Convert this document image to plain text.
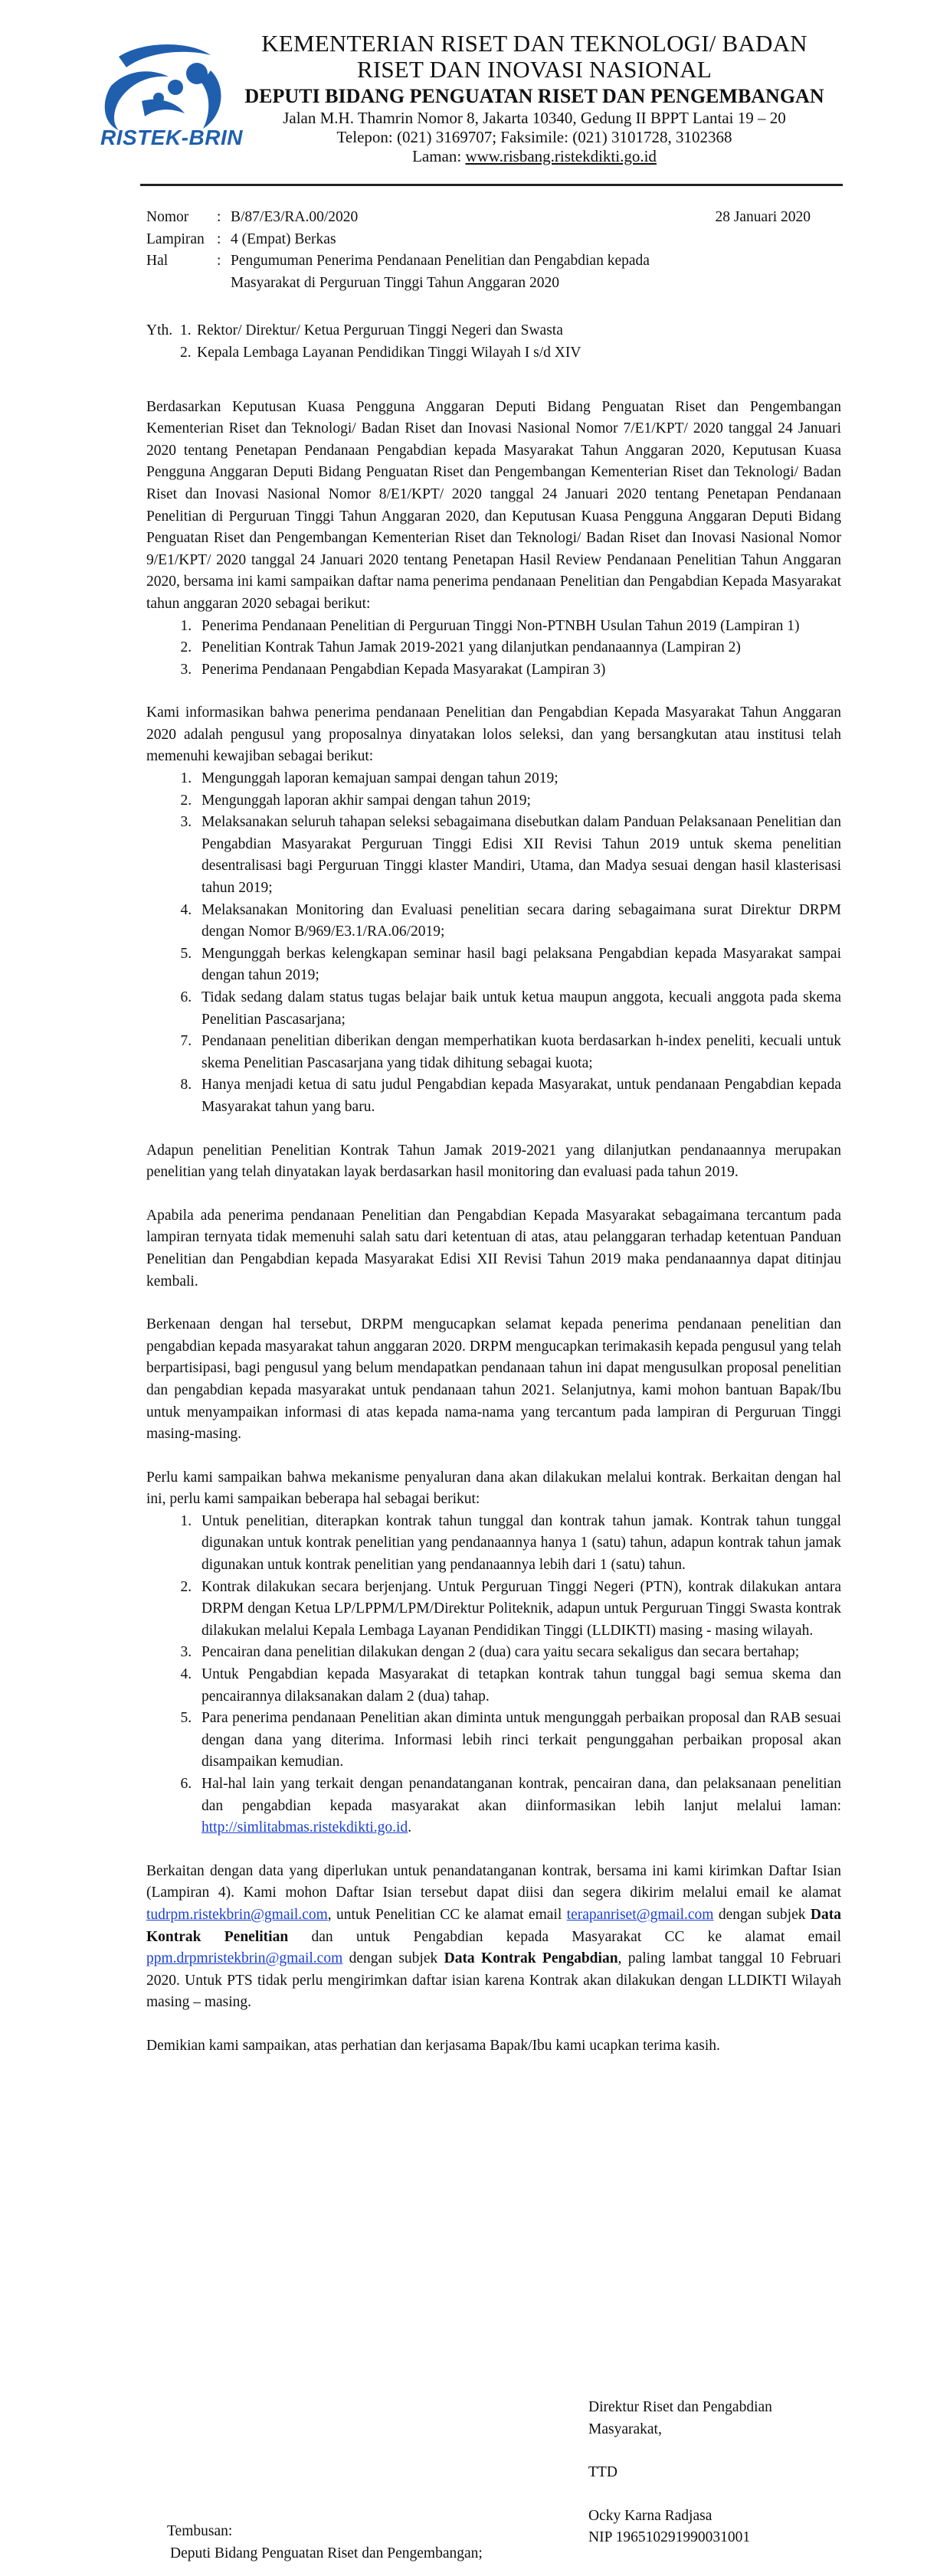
RISTEK-BRIN
KEMENTERIAN RISET DAN TEKNOLOGI/ BADAN RISET DAN INOVASI NASIONAL
DEPUTI BIDANG PENGUATAN RISET DAN PENGEMBANGAN
Jalan M.H. Thamrin Nomor 8, Jakarta 10340, Gedung II BPPT Lantai 19 – 20
Telepon: (021) 3169707; Faksimile: (021) 3101728, 3102368
Laman: www.risbang.ristekdikti.go.id
Nomor	: B/87/E3/RA.00/2020	28 Januari 2020
Lampiran : 4 (Empat) Berkas
Hal	: Pengumuman Penerima Pendanaan Penelitian dan Pengabdian kepada Masyarakat di Perguruan Tinggi Tahun Anggaran 2020
Yth. 1. Rektor/ Direktur/ Ketua Perguruan Tinggi Negeri dan Swasta
2. Kepala Lembaga Layanan Pendidikan Tinggi Wilayah I s/d XIV
Berdasarkan Keputusan Kuasa Pengguna Anggaran Deputi Bidang Penguatan Riset dan Pengembangan Kementerian Riset dan Teknologi/ Badan Riset dan Inovasi Nasional Nomor 7/E1/KPT/ 2020 tanggal 24 Januari 2020 tentang Penetapan Pendanaan Pengabdian kepada Masyarakat Tahun Anggaran 2020, Keputusan Kuasa Pengguna Anggaran Deputi Bidang Penguatan Riset dan Pengembangan Kementerian Riset dan Teknologi/ Badan Riset dan Inovasi Nasional Nomor 8/E1/KPT/ 2020 tanggal 24 Januari 2020 tentang Penetapan Pendanaan Penelitian di Perguruan Tinggi Tahun Anggaran 2020, dan Keputusan Kuasa Pengguna Anggaran Deputi Bidang Penguatan Riset dan Pengembangan Kementerian Riset dan Teknologi/ Badan Riset dan Inovasi Nasional Nomor 9/E1/KPT/ 2020 tanggal 24 Januari 2020 tentang Penetapan Hasil Review Pendanaan Penelitian Tahun Anggaran 2020, bersama ini kami sampaikan daftar nama penerima pendanaan Penelitian dan Pengabdian Kepada Masyarakat tahun anggaran 2020 sebagai berikut:
1. Penerima Pendanaan Penelitian di Perguruan Tinggi Non-PTNBH Usulan Tahun 2019 (Lampiran 1)
2. Penelitian Kontrak Tahun Jamak 2019-2021 yang dilanjutkan pendanaannya (Lampiran 2)
3. Penerima Pendanaan Pengabdian Kepada Masyarakat (Lampiran 3)
Kami informasikan bahwa penerima pendanaan Penelitian dan Pengabdian Kepada Masyarakat Tahun Anggaran 2020 adalah pengusul yang proposalnya dinyatakan lolos seleksi, dan yang bersangkutan atau institusi telah memenuhi kewajiban sebagai berikut:
1. Mengunggah laporan kemajuan sampai dengan tahun 2019;
2. Mengunggah laporan akhir sampai dengan tahun 2019;
3. Melaksanakan seluruh tahapan seleksi sebagaimana disebutkan dalam Panduan Pelaksanaan Penelitian dan Pengabdian Masyarakat Perguruan Tinggi Edisi XII Revisi Tahun 2019 untuk skema penelitian desentralisasi bagi Perguruan Tinggi klaster Mandiri, Utama, dan Madya sesuai dengan hasil klasterisasi tahun 2019;
4. Melaksanakan Monitoring dan Evaluasi penelitian secara daring sebagaimana surat Direktur DRPM dengan Nomor B/969/E3.1/RA.06/2019;
5. Mengunggah berkas kelengkapan seminar hasil bagi pelaksana Pengabdian kepada Masyarakat sampai dengan tahun 2019;
6. Tidak sedang dalam status tugas belajar baik untuk ketua maupun anggota, kecuali anggota pada skema Penelitian Pascasarjana;
7. Pendanaan penelitian diberikan dengan memperhatikan kuota berdasarkan h-index peneliti, kecuali untuk skema Penelitian Pascasarjana yang tidak dihitung sebagai kuota;
8. Hanya menjadi ketua di satu judul Pengabdian kepada Masyarakat, untuk pendanaan Pengabdian kepada Masyarakat tahun yang baru.
Adapun penelitian Penelitian Kontrak Tahun Jamak 2019-2021 yang dilanjutkan pendanaannya merupakan penelitian yang telah dinyatakan layak berdasarkan hasil monitoring dan evaluasi pada tahun 2019.
Apabila ada penerima pendanaan Penelitian dan Pengabdian Kepada Masyarakat sebagaimana tercantum pada lampiran ternyata tidak memenuhi salah satu dari ketentuan di atas, atau pelanggaran terhadap ketentuan Panduan Penelitian dan Pengabdian kepada Masyarakat Edisi XII Revisi Tahun 2019 maka pendanaannya dapat ditinjau kembali.
Berkenaan dengan hal tersebut, DRPM mengucapkan selamat kepada penerima pendanaan penelitian dan pengabdian kepada masyarakat tahun anggaran 2020. DRPM mengucapkan terimakasih kepada pengusul yang telah berpartisipasi, bagi pengusul yang belum mendapatkan pendanaan tahun ini dapat mengusulkan proposal penelitian dan pengabdian kepada masyarakat untuk pendanaan tahun 2021. Selanjutnya, kami mohon bantuan Bapak/Ibu untuk menyampaikan informasi di atas kepada nama-nama yang tercantum pada lampiran di Perguruan Tinggi masing-masing.
Perlu kami sampaikan bahwa mekanisme penyaluran dana akan dilakukan melalui kontrak. Berkaitan dengan hal ini, perlu kami sampaikan beberapa hal sebagai berikut:
1. Untuk penelitian, diterapkan kontrak tahun tunggal dan kontrak tahun jamak. Kontrak tahun tunggal digunakan untuk kontrak penelitian yang pendanaannya hanya 1 (satu) tahun, adapun kontrak tahun jamak digunakan untuk kontrak penelitian yang pendanaannya lebih dari 1 (satu) tahun.
2. Kontrak dilakukan secara berjenjang. Untuk Perguruan Tinggi Negeri (PTN), kontrak dilakukan antara DRPM dengan Ketua LP/LPPM/LPM/Direktur Politeknik, adapun untuk Perguruan Tinggi Swasta kontrak dilakukan melalui Kepala Lembaga Layanan Pendidikan Tinggi (LLDIKTI) masing - masing wilayah.
3. Pencairan dana penelitian dilakukan dengan 2 (dua) cara yaitu secara sekaligus dan secara bertahap;
4. Untuk Pengabdian kepada Masyarakat di tetapkan kontrak tahun tunggal bagi semua skema dan pencairannya dilaksanakan dalam 2 (dua) tahap.
5. Para penerima pendanaan Penelitian akan diminta untuk mengunggah perbaikan proposal dan RAB sesuai dengan dana yang diterima. Informasi lebih rinci terkait pengunggahan perbaikan proposal akan disampaikan kemudian.
6. Hal-hal lain yang terkait dengan penandatanganan kontrak, pencairan dana, dan pelaksanaan penelitian dan pengabdian kepada masyarakat akan diinformasikan lebih lanjut melalui laman: http://simlitabmas.ristekdikti.go.id.
Berkaitan dengan data yang diperlukan untuk penandatanganan kontrak, bersama ini kami kirimkan Daftar Isian (Lampiran 4). Kami mohon Daftar Isian tersebut dapat diisi dan segera dikirim melalui email ke alamat tudrpm.ristekbrin@gmail.com, untuk Penelitian CC ke alamat email terapanriset@gmail.com dengan subjek Data Kontrak Penelitian dan untuk Pengabdian kepada Masyarakat CC ke alamat email ppm.drpmristekbrin@gmail.com dengan subjek Data Kontrak Pengabdian, paling lambat tanggal 10 Februari 2020. Untuk PTS tidak perlu mengirimkan daftar isian karena Kontrak akan dilakukan dengan LLDIKTI Wilayah masing – masing.
Demikian kami sampaikan, atas perhatian dan kerjasama Bapak/Ibu kami ucapkan terima kasih.
Direktur Riset dan Pengabdian Masyarakat,
TTD
Ocky Karna Radjasa
NIP 196510291990031001
Tembusan:
Deputi Bidang Penguatan Riset dan Pengembangan;
